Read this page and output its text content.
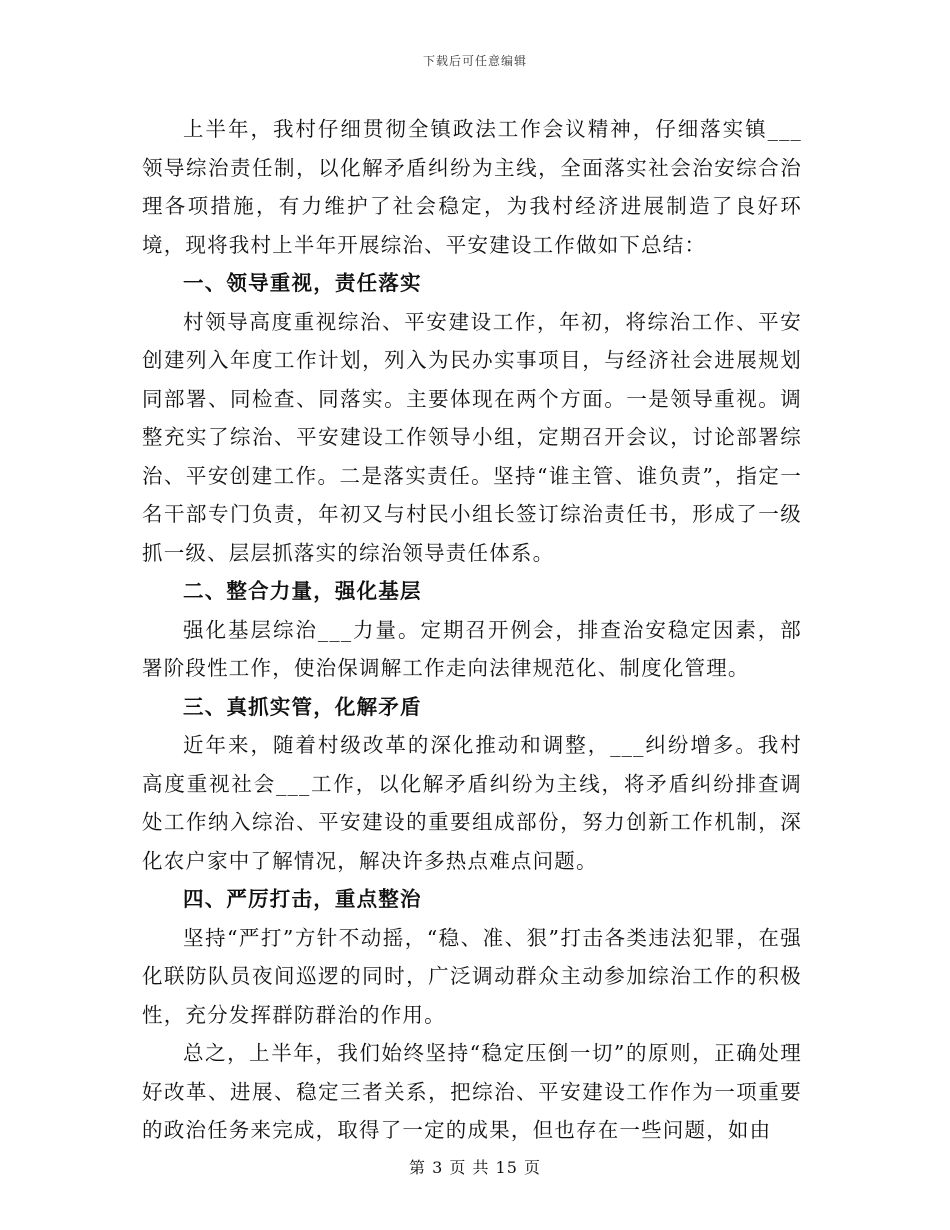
下载后可任意编辑

上半年，我村仔细贯彻全镇政法工作会议精神，仔细落实镇___领导综治责任制，以化解矛盾纠纷为主线，全面落实社会治安综合治理各项措施，有力维护了社会稳定，为我村经济进展制造了良好环境，现将我村上半年开展综治、平安建设工作做如下总结：

一、领导重视，责任落实

村领导高度重视综治、平安建设工作，年初，将综治工作、平安创建列入年度工作计划，列入为民办实事项目，与经济社会进展规划同部署、同检查、同落实。主要体现在两个方面。一是领导重视。调整充实了综治、平安建设工作领导小组，定期召开会议，讨论部署综治、平安创建工作。二是落实责任。坚持“谁主管、谁负责”，指定一名干部专门负责，年初又与村民小组长签订综治责任书，形成了一级抓一级、层层抓落实的综治领导责任体系。

二、整合力量，强化基层

强化基层综治___力量。定期召开例会，排查治安稳定因素，部署阶段性工作，使治保调解工作走向法律规范化、制度化管理。

三、真抓实管，化解矛盾

近年来，随着村级改革的深化推动和调整，___纠纷增多。我村高度重视社会___工作，以化解矛盾纠纷为主线，将矛盾纠纷排查调处工作纳入综治、平安建设的重要组成部份，努力创新工作机制，深化农户家中了解情况，解决许多热点难点问题。

四、严厉打击，重点整治

坚持“严打”方针不动摇，“稳、准、狠”打击各类违法犯罪，在强化联防队员夜间巡逻的同时，广泛调动群众主动参加综治工作的积极性，充分发挥群防群治的作用。

总之，上半年，我们始终坚持“稳定压倒一切”的原则，正确处理好改革、进展、稳定三者关系，把综治、平安建设工作作为一项重要的政治任务来完成，取得了一定的成果，但也存在一些问题，如由

第 3 页 共 15 页
